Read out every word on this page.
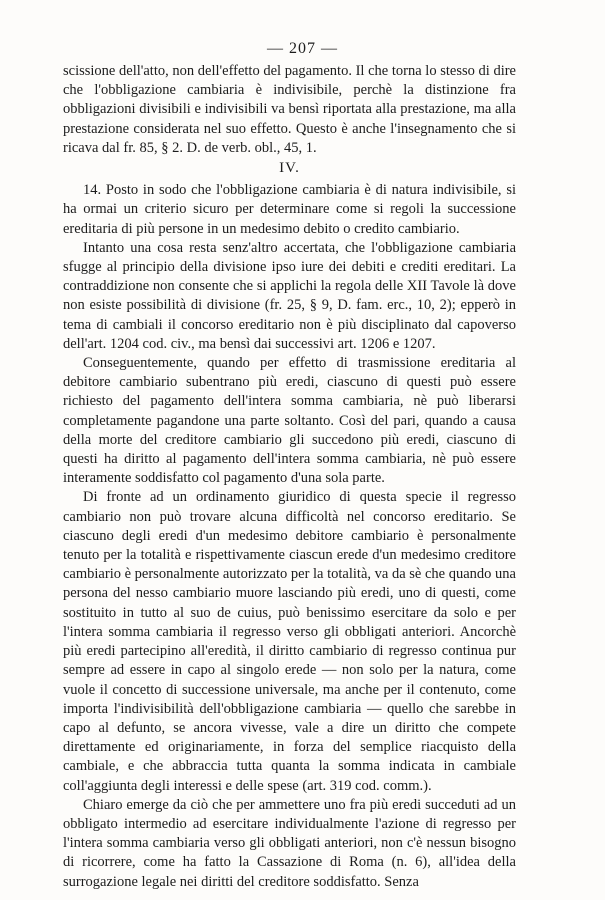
— 207 —

scissione dell'atto, non dell'effetto del pagamento. Il che torna lo stesso di dire che l'obbligazione cambiaria è indivisibile, perchè la distinzione fra obbligazioni divisibili e indivisibili va bensì riportata alla prestazione, ma alla prestazione considerata nel suo effetto. Questo è anche l'insegnamento che si ricava dal fr. 85, § 2. D. de verb. obl., 45, 1.

IV.

14. Posto in sodo che l'obbligazione cambiaria è di natura indivisibile, si ha ormai un criterio sicuro per determinare come si regoli la successione ereditaria di più persone in un medesimo debito o credito cambiario.

Intanto una cosa resta senz'altro accertata, che l'obbligazione cambiaria sfugge al principio della divisione ipso iure dei debiti e crediti ereditari. La contraddizione non consente che si applichi la regola delle XII Tavole là dove non esiste possibilità di divisione (fr. 25, § 9, D. fam. erc., 10, 2); epperò in tema di cambiali il concorso ereditario non è più disciplinato dal capoverso dell'art. 1204 cod. civ., ma bensì dai successivi art. 1206 e 1207.

Conseguentemente, quando per effetto di trasmissione ereditaria al debitore cambiario subentrano più eredi, ciascuno di questi può essere richiesto del pagamento dell'intera somma cambiaria, nè può liberarsi completamente pagandone una parte soltanto. Così del pari, quando a causa della morte del creditore cambiario gli succedono più eredi, ciascuno di questi ha diritto al pagamento dell'intera somma cambiaria, nè può essere interamente soddisfatto col pagamento d'una sola parte.

Di fronte ad un ordinamento giuridico di questa specie il regresso cambiario non può trovare alcuna difficoltà nel concorso ereditario. Se ciascuno degli eredi d'un medesimo debitore cambiario è personalmente tenuto per la totalità e rispettivamente ciascun erede d'un medesimo creditore cambiario è personalmente autorizzato per la totalità, va da sè che quando una persona del nesso cambiario muore lasciando più eredi, uno di questi, come sostituito in tutto al suo de cuius, può benissimo esercitare da solo e per l'intera somma cambiaria il regresso verso gli obbligati anteriori. Ancorchè più eredi partecipino all'eredità, il diritto cambiario di regresso continua pur sempre ad essere in capo al singolo erede — non solo per la natura, come vuole il concetto di successione universale, ma anche per il contenuto, come importa l'indivisibilità dell'obbligazione cambiaria — quello che sarebbe in capo al defunto, se ancora vivesse, vale a dire un diritto che compete direttamente ed originariamente, in forza del semplice riacquisto della cambiale, e che abbraccia tutta quanta la somma indicata in cambiale coll'aggiunta degli interessi e delle spese (art. 319 cod. comm.).

Chiaro emerge da ciò che per ammettere uno fra più eredi succeduti ad un obbligato intermedio ad esercitare individualmente l'azione di regresso per l'intera somma cambiaria verso gli obbligati anteriori, non c'è nessun bisogno di ricorrere, come ha fatto la Cassazione di Roma (n. 6), all'idea della surrogazione legale nei diritti del creditore soddisfatto. Senza
